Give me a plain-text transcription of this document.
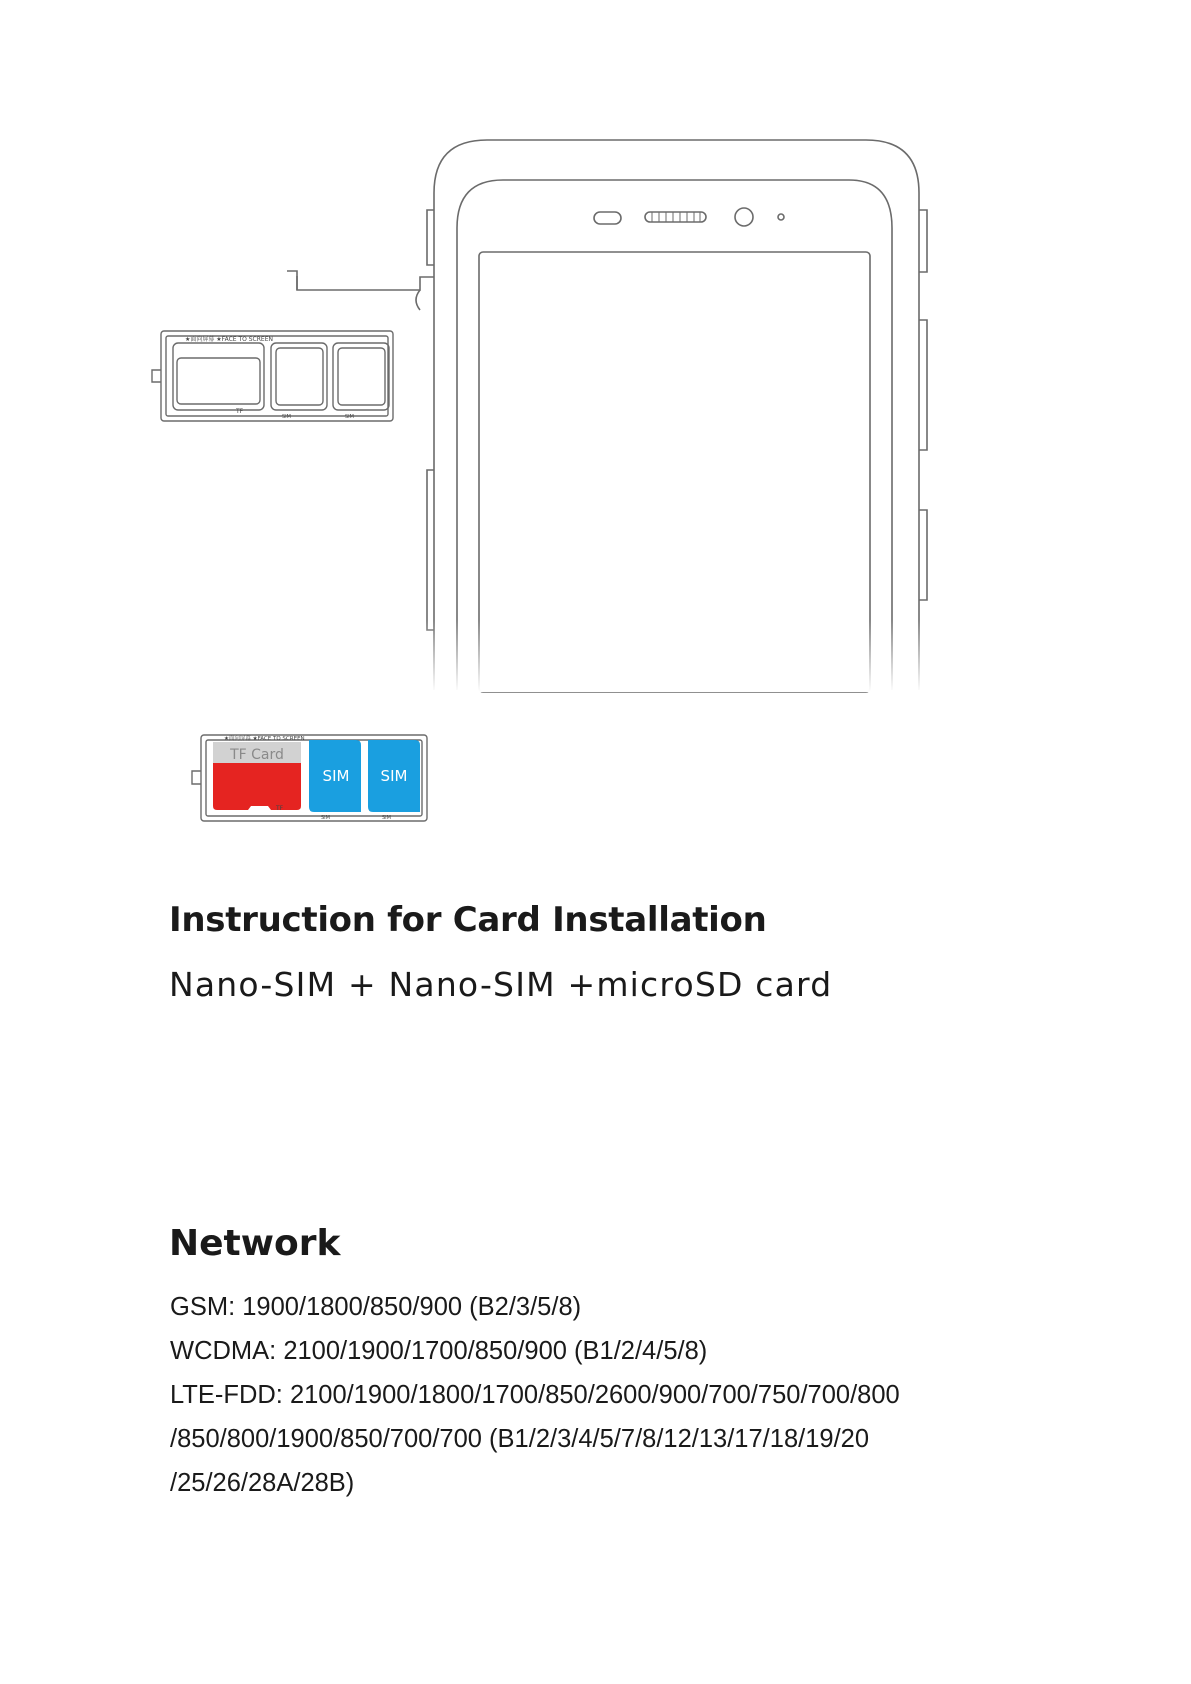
★面向屏幕 ★FACE TO SCREEN
TF
SIM	SIM
TF Card
SIM SIM
★面向屏幕 ★FACE TO SCREEN
TF
SIM	SIM
Instruction for Card Installation
Nano-SIM + Nano-SIM +microSD card
Network
GSM: 1900/1800/850/900 (B2/3/5/8)
WCDMA: 2100/1900/1700/850/900 (B1/2/4/5/8)
LTE-FDD: 2100/1900/1800/1700/850/2600/900/700/750/700/800
/850/800/1900/850/700/700 (B1/2/3/4/5/7/8/12/13/17/18/19/20
/25/26/28A/28B)
